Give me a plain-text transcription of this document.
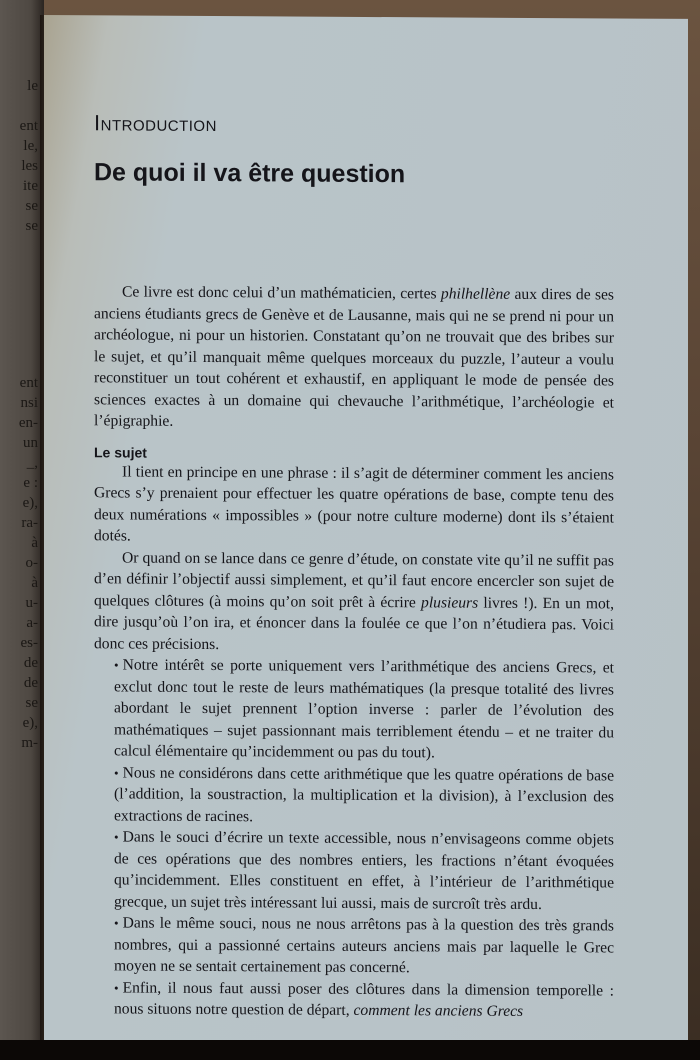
le
ent
le,
les
ite
se
se
ent
nsi
en-
un
_,
e :
e),
ra-
à
o-
à
u-
a-
es-
de
de
se
e),
m-
Introduction
De quoi il va être question

Ce livre est donc celui d’un mathématicien, certes philhellène aux dires de ses anciens étudiants grecs de Genève et de Lausanne, mais qui ne se prend ni pour un archéologue, ni pour un historien. Constatant qu’on ne trouvait que des bribes sur le sujet, et qu’il manquait même quelques morceaux du puzzle, l’auteur a voulu reconstituer un tout cohérent et exhaustif, en appliquant le mode de pensée des sciences exactes à un domaine qui chevauche l’arithmétique, l’archéologie et l’épigraphie.

Le sujet

Il tient en principe en une phrase : il s’agit de déterminer comment les anciens Grecs s’y prenaient pour effectuer les quatre opérations de base, compte tenu des deux numérations « impossibles » (pour notre culture moderne) dont ils s’étaient dotés.

Or quand on se lance dans ce genre d’étude, on constate vite qu’il ne suffit pas d’en définir l’objectif aussi simplement, et qu’il faut encore encercler son sujet de quelques clôtures (à moins qu’on soit prêt à écrire plusieurs livres !). En un mot, dire jusqu’où l’on ira, et énoncer dans la foulée ce que l’on n’étudiera pas. Voici donc ces précisions.

• Notre intérêt se porte uniquement vers l’arithmétique des anciens Grecs, et exclut donc tout le reste de leurs mathématiques (la presque totalité des livres abordant le sujet prennent l’option inverse : parler de l’évolution des mathématiques – sujet passionnant mais terriblement étendu – et ne traiter du calcul élémentaire qu’incidemment ou pas du tout).

• Nous ne considérons dans cette arithmétique que les quatre opérations de base (l’addition, la soustraction, la multiplication et la division), à l’exclusion des extractions de racines.

• Dans le souci d’écrire un texte accessible, nous n’envisageons comme objets de ces opérations que des nombres entiers, les fractions n’étant évoquées qu’incidemment. Elles constituent en effet, à l’intérieur de l’arithmétique grecque, un sujet très intéressant lui aussi, mais de surcroît très ardu.

• Dans le même souci, nous ne nous arrêtons pas à la question des très grands nombres, qui a passionné certains auteurs anciens mais par laquelle le Grec moyen ne se sentait certainement pas concerné.

• Enfin, il nous faut aussi poser des clôtures dans la dimension temporelle : nous situons notre question de départ, comment les anciens Grecs
